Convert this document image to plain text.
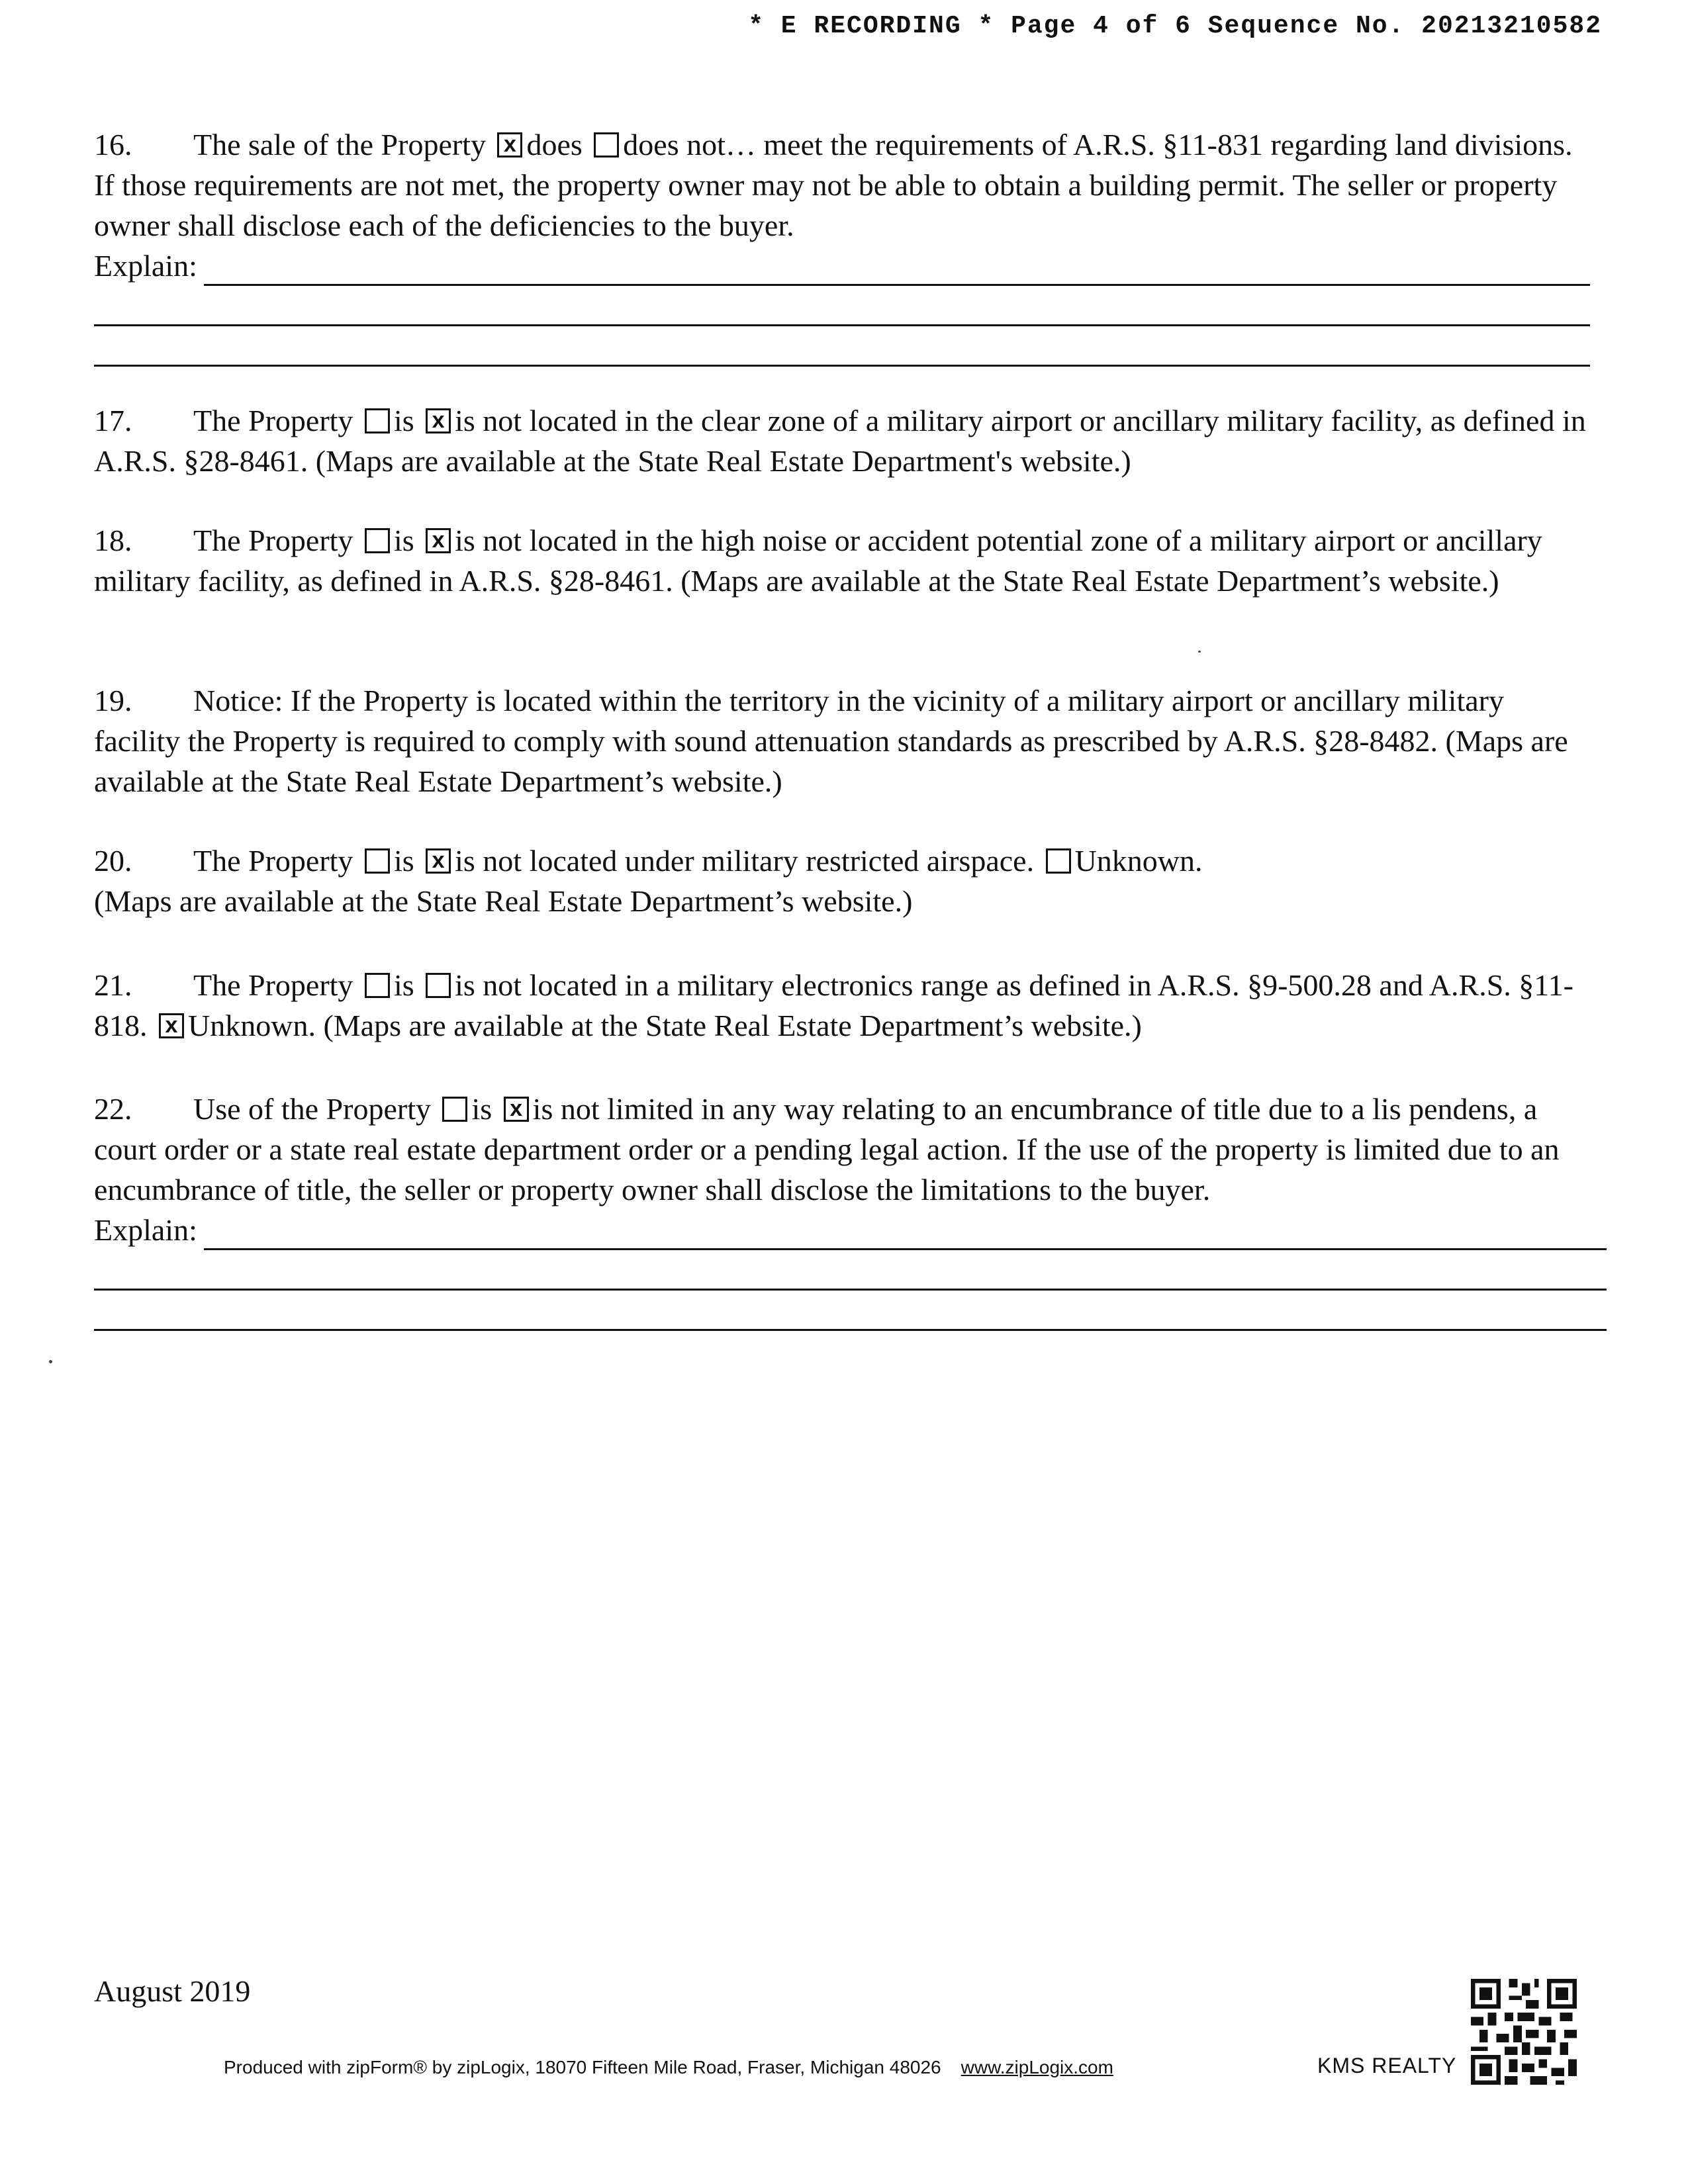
* E RECORDING * Page 4 of 6 Sequence No. 20213210582

16. The sale of the Property x does does not… meet the requirements of A.R.S. §11-831 regarding land divisions. If those requirements are not met, the property owner may not be able to obtain a building permit. The seller or property owner shall disclose each of the deficiencies to the buyer.

Explain:

17. The Property is x is not located in the clear zone of a military airport or ancillary military facility, as defined in A.R.S. §28-8461. (Maps are available at the State Real Estate Department's website.)

18. The Property is x is not located in the high noise or accident potential zone of a military airport or ancillary military facility, as defined in A.R.S. §28-8461. (Maps are available at the State Real Estate Department’s website.)

19. Notice: If the Property is located within the territory in the vicinity of a military airport or ancillary military facility the Property is required to comply with sound attenuation standards as prescribed by A.R.S. §28-8482. (Maps are available at the State Real Estate Department’s website.)

20. The Property is x is not located under military restricted airspace. Unknown.

(Maps are available at the State Real Estate Department’s website.)

21. The Property is is not located in a military electronics range as defined in A.R.S. §9-500.28 and A.R.S. §11-818. x Unknown. (Maps are available at the State Real Estate Department’s website.)

22. Use of the Property is x is not limited in any way relating to an encumbrance of title due to a lis pendens, a court order or a state real estate department order or a pending legal action. If the use of the property is limited due to an encumbrance of title, the seller or property owner shall disclose the limitations to the buyer.

Explain:
August 2019
Produced with zipForm® by zipLogix, 18070 Fifteen Mile Road, Fraser, Michigan 48026 www.zipLogix.com	KMS REALTY
